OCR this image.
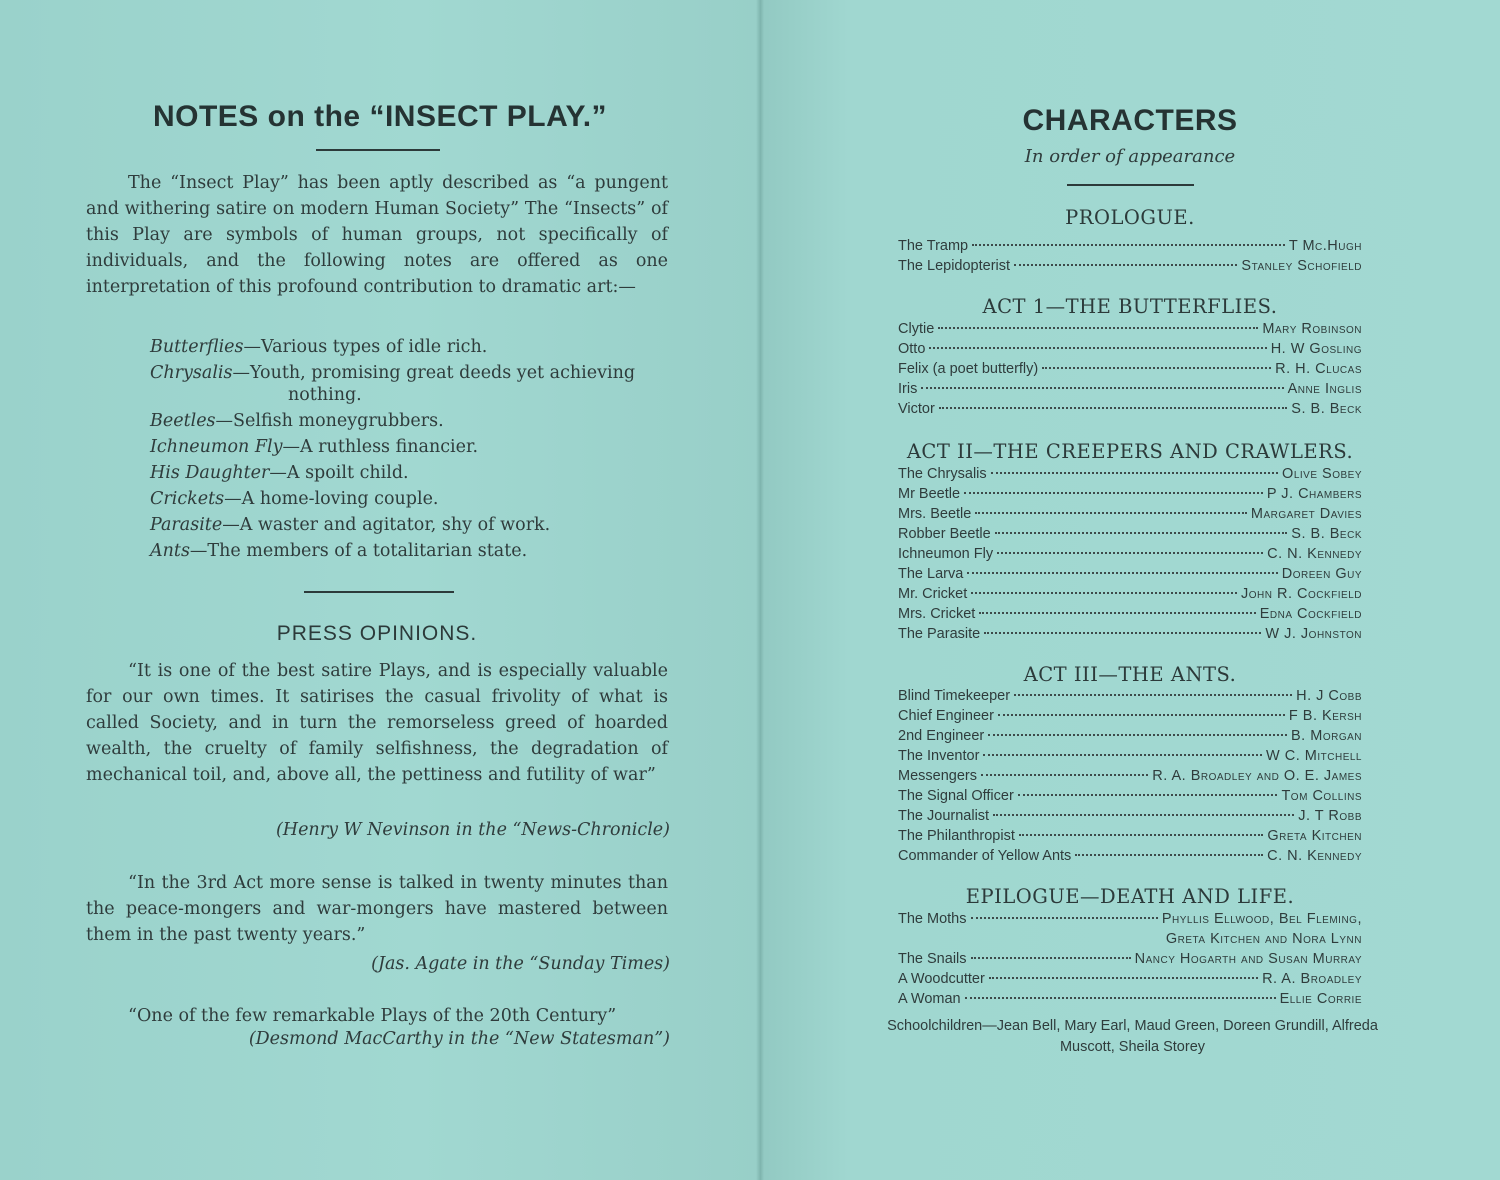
NOTES on the “INSECT PLAY.”
The “Insect Play” has been aptly described as “a pungent and withering satire on modern Human Society” The “Insects” of this Play are symbols of human groups, not specifically of individuals, and the following notes are offered as one interpretation of this profound contribution to dramatic art:—
Butterflies—Various types of idle rich.
Chrysalis—Youth, promising great deeds yet achieving
nothing.
Beetles—Selfish moneygrubbers.
Ichneumon Fly—A ruthless financier.
His Daughter—A spoilt child.
Crickets—A home-loving couple.
Parasite—A waster and agitator, shy of work.
Ants—The members of a totalitarian state.
PRESS OPINIONS.
“It is one of the best satire Plays, and is especially valuable for our own times. It satirises the casual frivolity of what is called Society, and in turn the remorseless greed of hoarded wealth, the cruelty of family selfishness, the degradation of mechanical toil, and, above all, the pettiness and futility of war”
(Henry W Nevinson in the “News-Chronicle)
“In the 3rd Act more sense is talked in twenty minutes than the peace-mongers and war-mongers have mastered between them in the past twenty years.”
(Jas. Agate in the “Sunday Times)
“One of the few remarkable Plays of the 20th Century”
(Desmond MacCarthy in the “New Statesman”)
CHARACTERS
In order of appearance
PROLOGUE.
The Tramp	T Mc.Hugh
The Lepidopterist	Stanley Schofield
ACT 1—THE BUTTERFLIES.
Clytie	Mary Robinson
Otto	H. W Gosling
Felix (a poet butterfly)	R. H. Clucas
Iris	Anne Inglis
Victor	S. B. Beck
ACT II—THE CREEPERS AND CRAWLERS.
The Chrysalis	Olive Sobey
Mr Beetle	P J. Chambers
Mrs. Beetle	Margaret Davies
Robber Beetle	S. B. Beck
Ichneumon Fly	C. N. Kennedy
The Larva	Doreen Guy
Mr. Cricket	John R. Cockfield
Mrs. Cricket	Edna Cockfield
The Parasite	W J. Johnston
ACT III—THE ANTS.
Blind Timekeeper	H. J Cobb
Chief Engineer	F B. Kersh
2nd Engineer	B. Morgan
The Inventor	W C. Mitchell
Messengers	R. A. Broadley and O. E. James
The Signal Officer	Tom Collins
The Journalist	J. T Robb
The Philanthropist	Greta Kitchen
Commander of Yellow Ants	C. N. Kennedy
EPILOGUE—DEATH AND LIFE.
The Moths	Phyllis Ellwood, Bel Fleming,
Greta Kitchen and Nora Lynn
The Snails	Nancy Hogarth and Susan Murray
A Woodcutter	R. A. Broadley
A Woman	Ellie Corrie
Schoolchildren—Jean Bell, Mary Earl, Maud Green, Doreen Grundill, Alfreda Muscott, Sheila Storey
